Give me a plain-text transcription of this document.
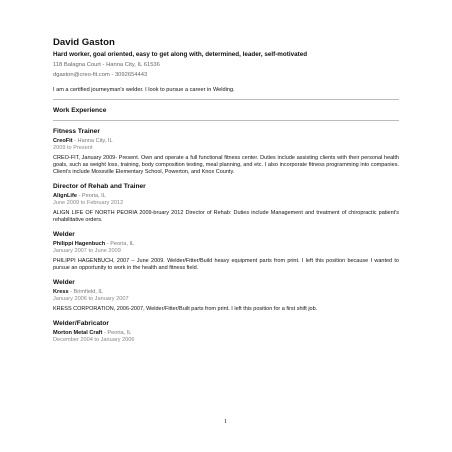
David Gaston
Hard worker, goal oriented, easy to get along with, determined, leader, self-motivated
118 Balagna Court - Hanna City, IL 61536
dgaston@creo-fit.com - 3092654443
I am a certified journeyman's welder. I look to pursue a career in Welding.
Work Experience
Fitness Trainer
CreoFit - Hanna City, IL
2009 to Present
CREO-FIT, January 2009- Present. Own and operate a full functional fitness center. Duties include assisting clients with their personal health goals, such as weight loss, training, body composition testing, meal planning, and etc. I also incorporate fitness programming into companies. Client's include Mossville Elementary School, Powerton, and Knox County.
Director of Rehab and Trainer
AlignLife - Peoria, IL
June 2009 to February 2012
ALIGN LIFE OF NORTH PEORIA 2009-bruary 2012 Director of Rehab: Duties include Management and treatment of chiropractic patient's rehabilitative orders.
Welder
Philippi Hagenbuch - Peoria, IL
January 2007 to June 2009
PHILIPPI HAGENBUCH, 2007 – June 2009. Welder/Fitter/Build heavy equipment parts from print. I left this position because I wanted to pursue an opportunity to work in the health and fitness field.
Welder
Kress - Brimfield, IL
January 2006 to January 2007
KRESS CORPORATION, 2006-2007, Welder/Fitter/Built parts from print. I left this position for a first shift job.
Welder/Fabricator
Morton Metal Craft - Peoria, IL
December 2004 to January 2006
1
